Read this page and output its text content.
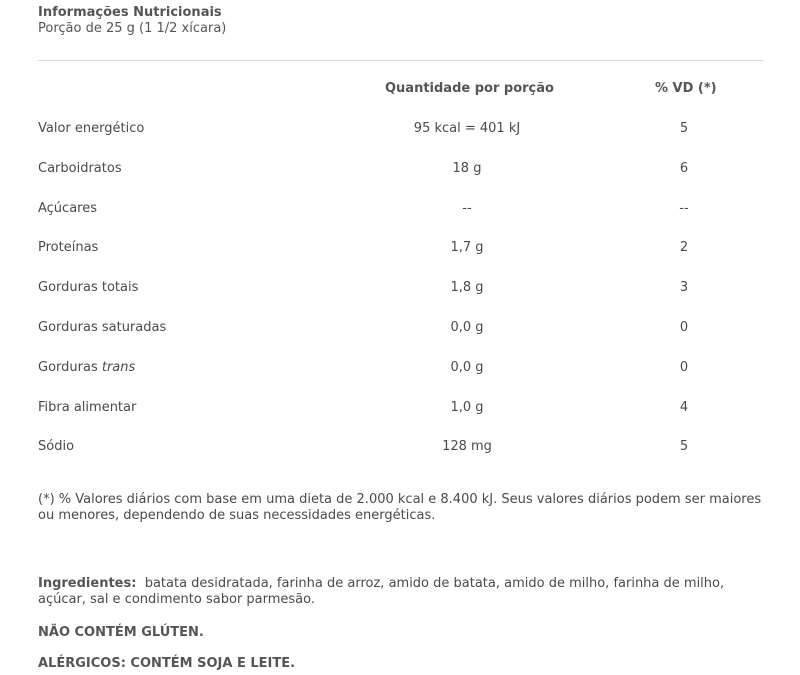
Informações Nutricionais
Porção de 25 g (1 1/2 xícara)
Quantidade por porção	% VD (*)
Valor energético	95 kcal = 401 kJ	5
Carboidratos	18 g	6
Açúcares	--	--
Proteínas	1,7 g	2
Gorduras totais	1,8 g	3
Gorduras saturadas	0,0 g	0
Gorduras trans	0,0 g	0
Fibra alimentar	1,0 g	4
Sódio	128 mg	5
(*) % Valores diários com base em uma dieta de 2.000 kcal e 8.400 kJ. Seus valores diários podem ser maiores ou menores, dependendo de suas necessidades energéticas.
Ingredientes: batata desidratada, farinha de arroz, amido de batata, amido de milho, farinha de milho, açúcar, sal e condimento sabor parmesão.
NÃO CONTÉM GLÚTEN.
ALÉRGICOS: CONTÉM SOJA E LEITE.
